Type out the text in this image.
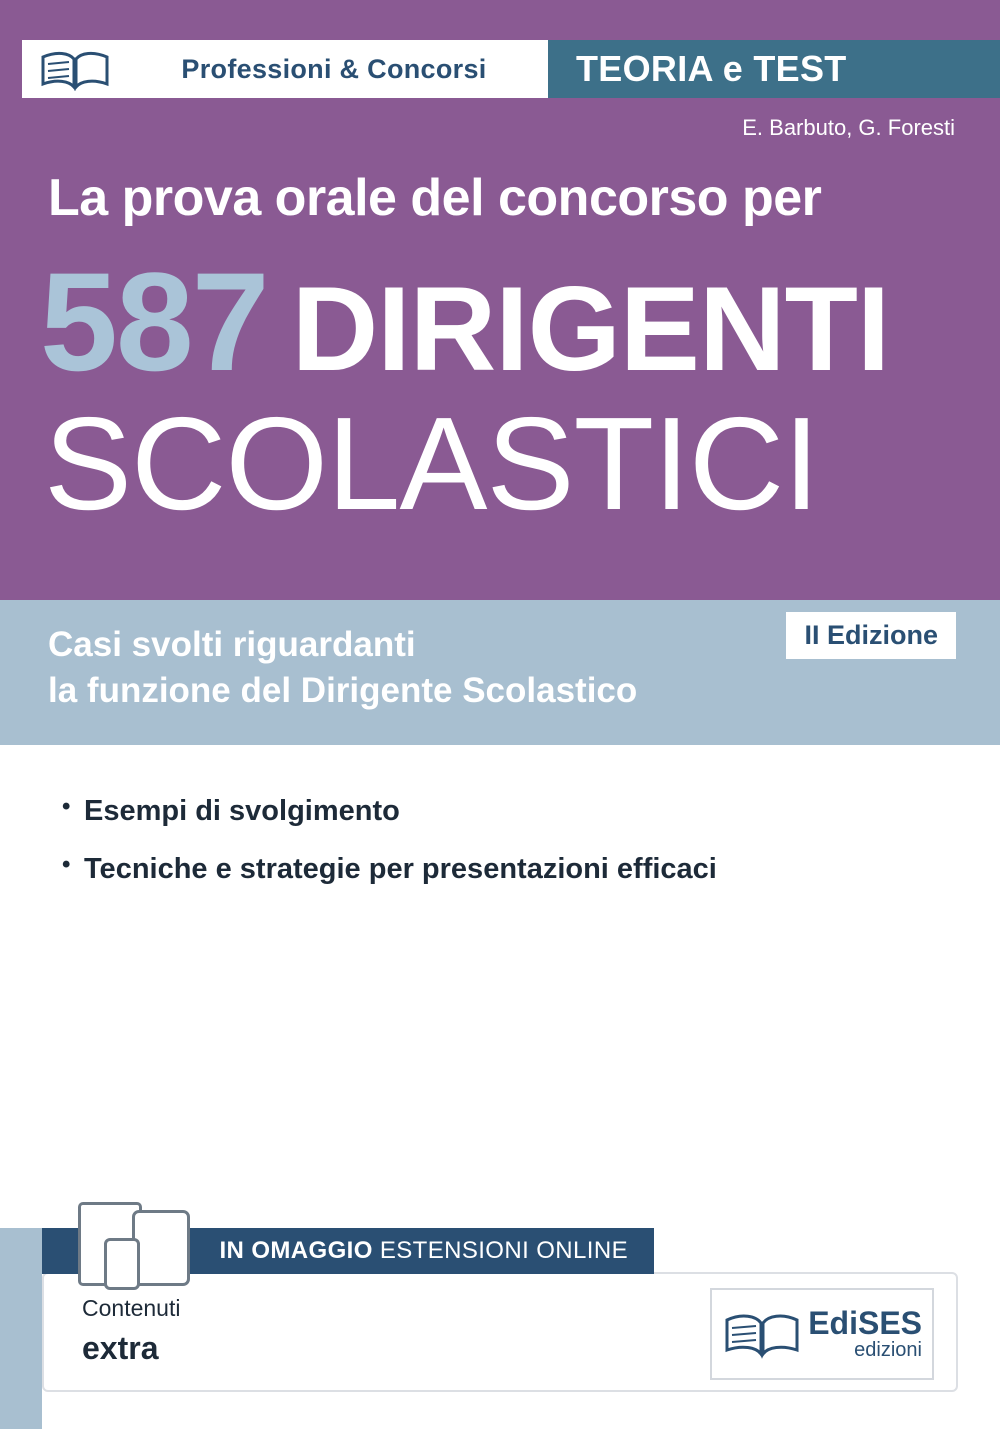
Professioni & Concorsi TEORIA e TEST
E. Barbuto, G. Foresti
La prova orale del concorso per
587 DIRIGENTI
SCOLASTICI
Casi svolti riguardanti
la funzione del Dirigente Scolastico
II Edizione
• Esempi di svolgimento
• Tecniche e strategie per presentazioni efficaci
IN OMAGGIO ESTENSIONI ONLINE
Contenuti
extra
EdiSES
edizioni
